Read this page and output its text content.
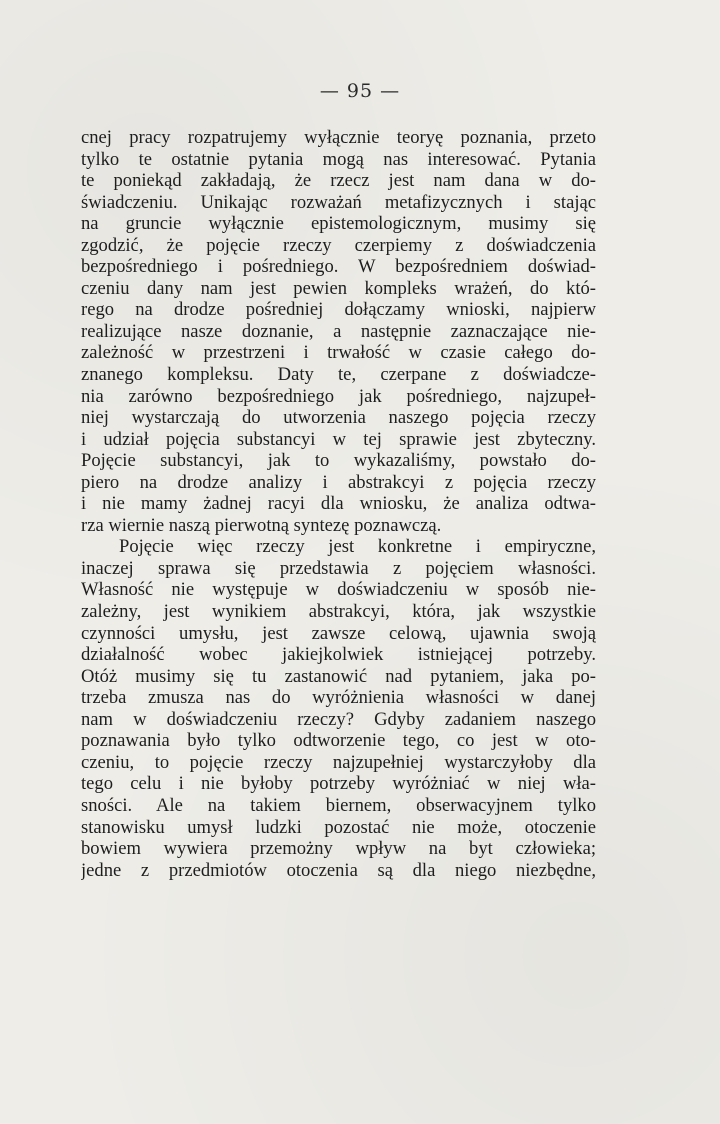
— 95 —
cnej pracy rozpatrujemy wyłącznie teoryę poznania, przeto
tylko te ostatnie pytania mogą nas interesować. Pytania
te poniekąd zakładają, że rzecz jest nam dana w do-
świadczeniu. Unikając rozważań metafizycznych i stając
na gruncie wyłącznie epistemologicznym, musimy się
zgodzić, że pojęcie rzeczy czerpiemy z doświadczenia
bezpośredniego i pośredniego. W bezpośredniem doświad-
czeniu dany nam jest pewien kompleks wrażeń, do któ-
rego na drodze pośredniej dołączamy wnioski, najpierw
realizujące nasze doznanie, a następnie zaznaczające nie-
zależność w przestrzeni i trwałość w czasie całego do-
znanego kompleksu. Daty te, czerpane z doświadcze-
nia zarówno bezpośredniego jak pośredniego, najzupeł-
niej wystarczają do utworzenia naszego pojęcia rzeczy
i udział pojęcia substancyi w tej sprawie jest zbyteczny.
Pojęcie substancyi, jak to wykazaliśmy, powstało do-
piero na drodze analizy i abstrakcyi z pojęcia rzeczy
i nie mamy żadnej racyi dla wniosku, że analiza odtwa-
rza wiernie naszą pierwotną syntezę poznawczą.
Pojęcie więc rzeczy jest konkretne i empiryczne,
inaczej sprawa się przedstawia z pojęciem własności.
Własność nie występuje w doświadczeniu w sposób nie-
zależny, jest wynikiem abstrakcyi, która, jak wszystkie
czynności umysłu, jest zawsze celową, ujawnia swoją
działalność wobec jakiejkolwiek istniejącej potrzeby.
Otóż musimy się tu zastanowić nad pytaniem, jaka po-
trzeba zmusza nas do wyróżnienia własności w danej
nam w doświadczeniu rzeczy? Gdyby zadaniem naszego
poznawania było tylko odtworzenie tego, co jest w oto-
czeniu, to pojęcie rzeczy najzupełniej wystarczyłoby dla
tego celu i nie byłoby potrzeby wyróżniać w niej wła-
sności. Ale na takiem biernem, obserwacyjnem tylko
stanowisku umysł ludzki pozostać nie może, otoczenie
bowiem wywiera przemożny wpływ na byt człowieka;
jedne z przedmiotów otoczenia są dla niego niezbędne,
